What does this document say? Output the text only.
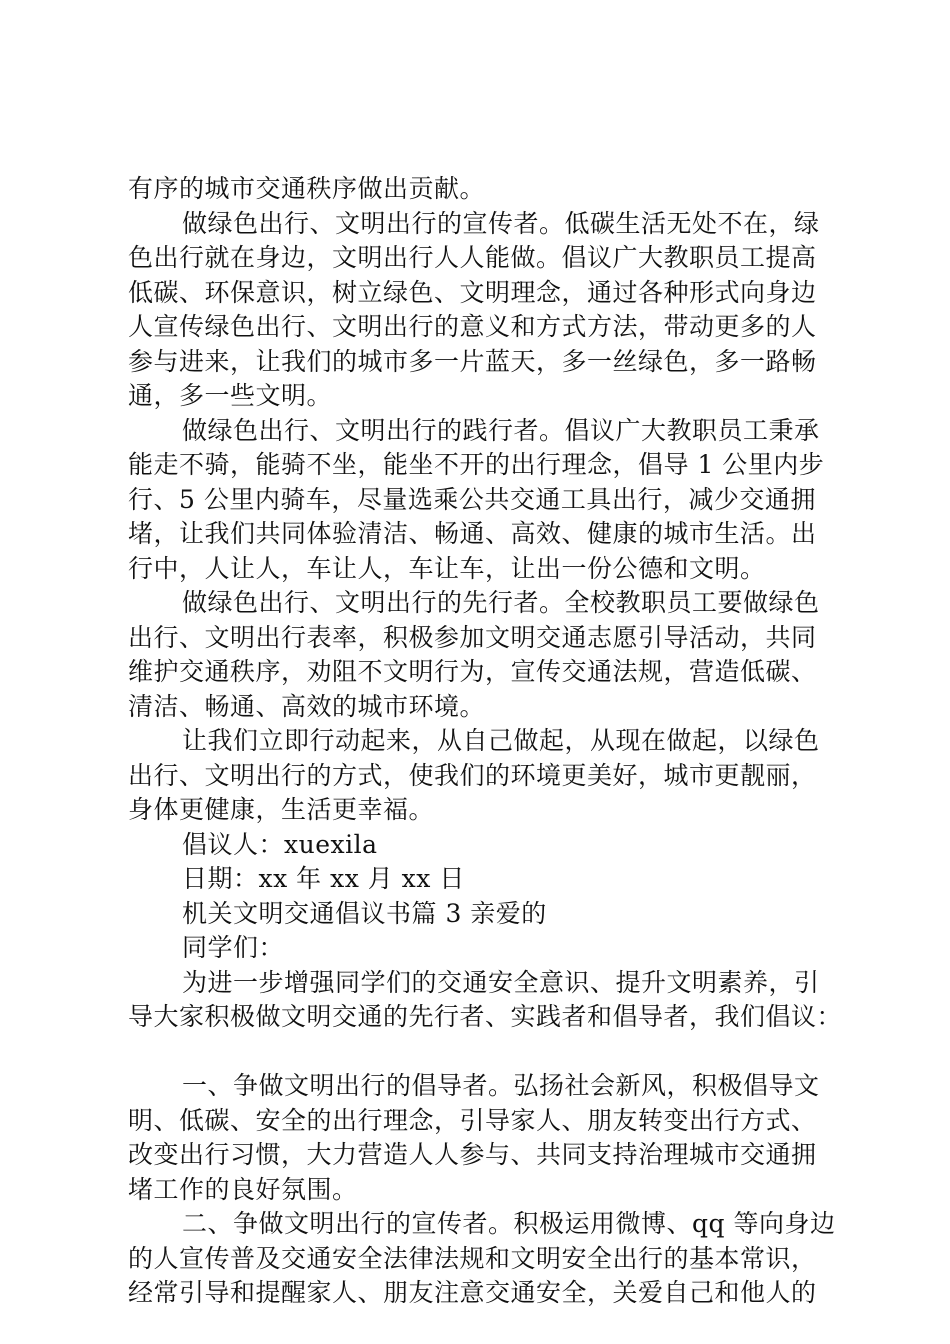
有序的城市交通秩序做出贡献。
做绿色出行、文明出行的宣传者。低碳生活无处不在，绿
色出行就在身边，文明出行人人能做。倡议广大教职员工提高
低碳、环保意识，树立绿色、文明理念，通过各种形式向身边
人宣传绿色出行、文明出行的意义和方式方法，带动更多的人
参与进来，让我们的城市多一片蓝天，多一丝绿色，多一路畅
通，多一些文明。
做绿色出行、文明出行的践行者。倡议广大教职员工秉承
能走不骑，能骑不坐，能坐不开的出行理念，倡导 1 公里内步
行、5 公里内骑车，尽量选乘公共交通工具出行，减少交通拥
堵，让我们共同体验清洁、畅通、高效、健康的城市生活。出
行中，人让人，车让人，车让车，让出一份公德和文明。
做绿色出行、文明出行的先行者。全校教职员工要做绿色
出行、文明出行表率，积极参加文明交通志愿引导活动，共同
维护交通秩序，劝阻不文明行为，宣传交通法规，营造低碳、
清洁、畅通、高效的城市环境。
让我们立即行动起来，从自己做起，从现在做起，以绿色
出行、文明出行的方式，使我们的环境更美好，城市更靓丽，
身体更健康，生活更幸福。
倡议人：xuexila
日期：xx 年 xx 月 xx 日
机关文明交通倡议书篇 3 亲爱的
同学们：
为进一步增强同学们的交通安全意识、提升文明素养，引
导大家积极做文明交通的先行者、实践者和倡导者，我们倡议：
一、争做文明出行的倡导者。弘扬社会新风，积极倡导文
明、低碳、安全的出行理念，引导家人、朋友转变出行方式、
改变出行习惯，大力营造人人参与、共同支持治理城市交通拥
堵工作的良好氛围。
二、争做文明出行的宣传者。积极运用微博、qq 等向身边
的人宣传普及交通安全法律法规和文明安全出行的基本常识，
经常引导和提醒家人、朋友注意交通安全，关爱自己和他人的
